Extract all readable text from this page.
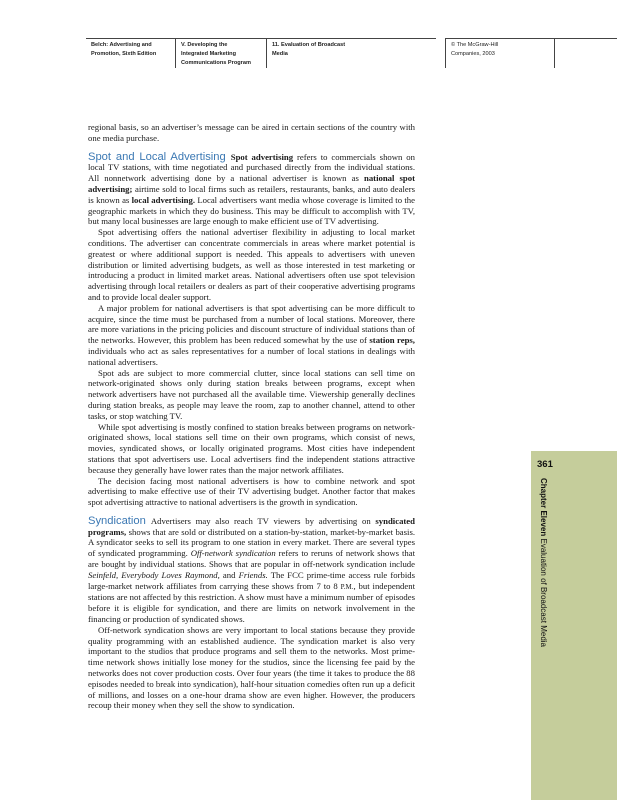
Belch: Advertising and
Promotion, Sixth Edition
V. Developing the
Integrated Marketing
Communications Program
11. Evaluation of Broadcast
Media
© The McGraw-Hill
Companies, 2003

regional basis, so an advertiser’s message can be aired in certain sections of the country with one media purchase.

Spot and Local Advertising Spot advertising refers to commercials shown on local TV stations, with time negotiated and purchased directly from the individual stations. All nonnetwork advertising done by a national advertiser is known as national spot advertising; airtime sold to local firms such as retailers, restaurants, banks, and auto dealers is known as local advertising. Local advertisers want media whose coverage is limited to the geographic markets in which they do business. This may be difficult to accomplish with TV, but many local businesses are large enough to make efficient use of TV advertising.

Spot advertising offers the national advertiser flexibility in adjusting to local market conditions. The advertiser can concentrate commercials in areas where market potential is greatest or where additional support is needed. This appeals to advertisers with uneven distribution or limited advertising budgets, as well as those interested in test marketing or introducing a product in limited market areas. National advertisers often use spot television advertising through local retailers or dealers as part of their cooperative advertising programs and to provide local dealer support.

A major problem for national advertisers is that spot advertising can be more difficult to acquire, since the time must be purchased from a number of local stations. Moreover, there are more variations in the pricing policies and discount structure of individual stations than of the networks. However, this problem has been reduced somewhat by the use of station reps, individuals who act as sales representatives for a number of local stations in dealings with national advertisers.

Spot ads are subject to more commercial clutter, since local stations can sell time on network-originated shows only during station breaks between programs, except when network advertisers have not purchased all the available time. Viewership generally declines during station breaks, as people may leave the room, zap to another channel, attend to other tasks, or stop watching TV.

While spot advertising is mostly confined to station breaks between programs on network-originated shows, local stations sell time on their own programs, which consist of news, movies, syndicated shows, or locally originated programs. Most cities have independent stations that spot advertisers use. Local advertisers find the independent stations attractive because they generally have lower rates than the major network affiliates.

The decision facing most national advertisers is how to combine network and spot advertising to make effective use of their TV advertising budget. Another factor that makes spot advertising attractive to national advertisers is the growth in syndication.

Syndication Advertisers may also reach TV viewers by advertising on syndicated programs, shows that are sold or distributed on a station-by-station, market-by-market basis. A syndicator seeks to sell its program to one station in every market. There are several types of syndicated programming. Off-network syndication refers to reruns of network shows that are bought by individual stations. Shows that are popular in off-network syndication include Seinfeld, Everybody Loves Raymond, and Friends. The FCC prime-time access rule forbids large-market network affiliates from carrying these shows from 7 to 8 P.M., but independent stations are not affected by this restriction. A show must have a minimum number of episodes before it is eligible for syndication, and there are limits on network involvement in the financing or production of syndicated shows.

Off-network syndication shows are very important to local stations because they provide quality programming with an established audience. The syndication market is also very important to the studios that produce programs and sell them to the networks. Most prime-time network shows initially lose money for the studios, since the licensing fee paid by the networks does not cover production costs. Over four years (the time it takes to produce the 88 episodes needed to break into syndication), half-hour situation comedies often run up a deficit of millions, and losses on a one-hour drama show are even higher. However, the producers recoup their money when they sell the show to syndication.

361
Chapter Eleven Evaluation of Broadcast Media
